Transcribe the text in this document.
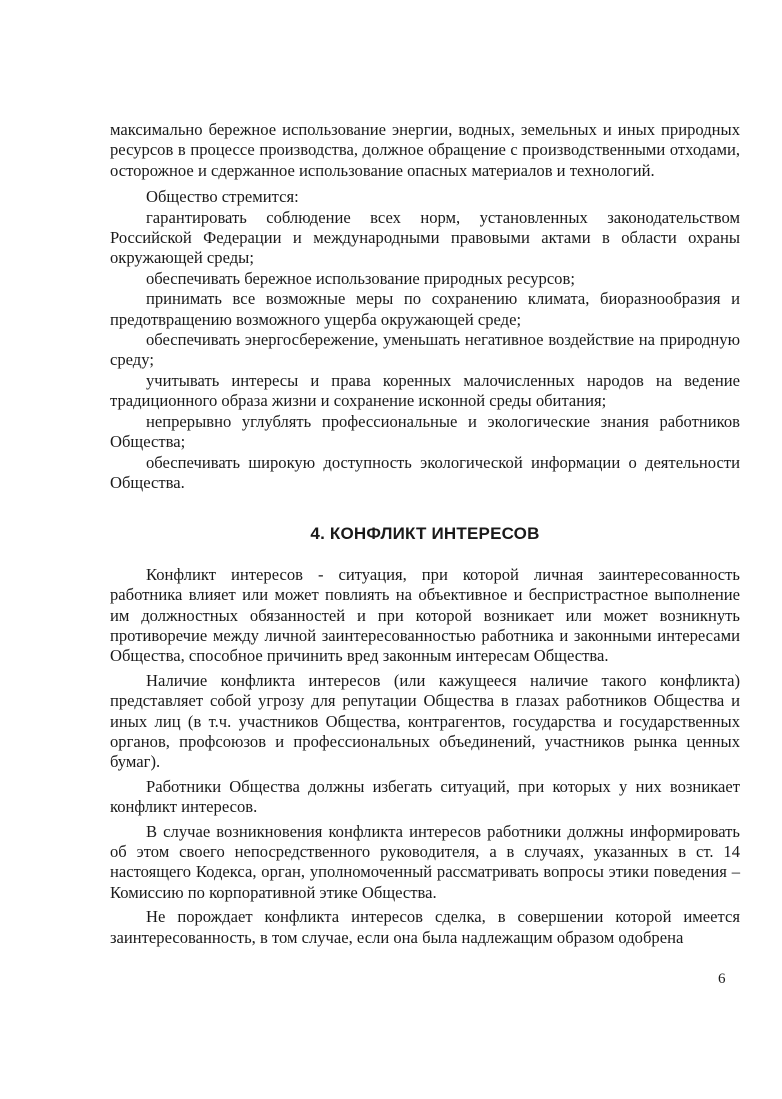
максимально бережное использование энергии, водных, земельных и иных природных ресурсов в процессе производства, должное обращение с производственными отходами, осторожное и сдержанное использование опасных материалов и технологий.

Общество стремится:

гарантировать соблюдение всех норм, установленных законодательством Российской Федерации и международными правовыми актами в области охраны окружающей среды;

обеспечивать бережное использование природных ресурсов;

принимать все возможные меры по сохранению климата, биоразнообразия и предотвращению возможного ущерба окружающей среде;

обеспечивать энергосбережение, уменьшать негативное воздействие на природную среду;

учитывать интересы и права коренных малочисленных народов на ведение традиционного образа жизни и сохранение исконной среды обитания;

непрерывно углублять профессиональные и экологические знания работников Общества;

обеспечивать широкую доступность экологической информации о деятельности Общества.

4. КОНФЛИКТ ИНТЕРЕСОВ

Конфликт интересов - ситуация, при которой личная заинтересованность работника влияет или может повлиять на объективное и беспристрастное выполнение им должностных обязанностей и при которой возникает или может возникнуть противоречие между личной заинтересованностью работника и законными интересами Общества, способное причинить вред законным интересам Общества.

Наличие конфликта интересов (или кажущееся наличие такого конфликта) представляет собой угрозу для репутации Общества в глазах работников Общества и иных лиц (в т.ч. участников Общества, контрагентов, государства и государственных органов, профсоюзов и профессиональных объединений, участников рынка ценных бумаг).

Работники Общества должны избегать ситуаций, при которых у них возникает конфликт интересов.

В случае возникновения конфликта интересов работники должны информировать об этом своего непосредственного руководителя, а в случаях, указанных в ст. 14 настоящего Кодекса, орган, уполномоченный рассматривать вопросы этики поведения – Комиссию по корпоративной этике Общества.

Не порождает конфликта интересов сделка, в совершении которой имеется заинтересованность, в том случае, если она была надлежащим образом одобрена

6
